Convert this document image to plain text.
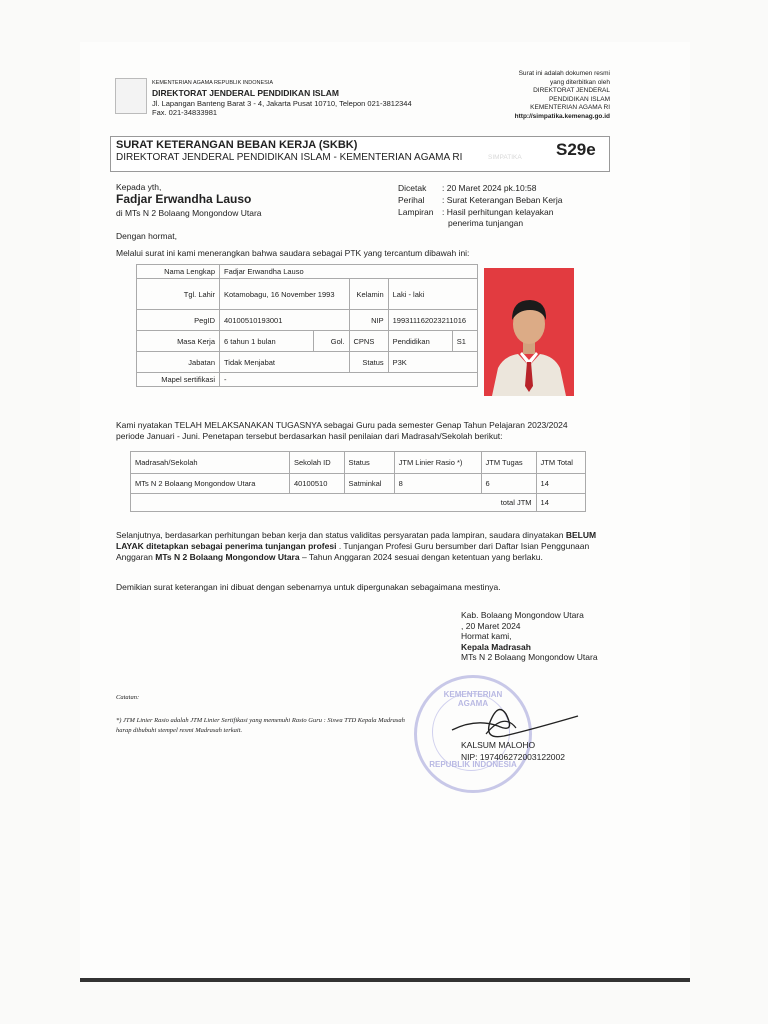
KEMENTERIAN AGAMA REPUBLIK INDONESIA
DIREKTORAT JENDERAL PENDIDIKAN ISLAM
Jl. Lapangan Banteng Barat 3 - 4, Jakarta Pusat 10710, Telepon 021-3812344
Fax. 021-34833981
Surat ini adalah dokumen resmi
yang diterbitkan oleh
DIREKTORAT JENDERAL
PENDIDIKAN ISLAM
KEMENTERIAN AGAMA RI
http://simpatika.kemenag.go.id
SURAT KETERANGAN BEBAN KERJA (SKBK)
DIREKTORAT JENDERAL PENDIDIKAN ISLAM - KEMENTERIAN AGAMA RI	SIMPATIKA S29e
Kepada yth,
Fadjar Erwandha Lauso
di MTs N 2 Bolaang Mongondow Utara
Dicetak : 20 Maret 2024 pk.10:58
Perihal : Surat Keterangan Beban Kerja
Lampiran : Hasil perhitungan kelayakan
penerima tunjangan
Dengan hormat,
Melalui surat ini kami menerangkan bahwa saudara sebagai PTK yang tercantum dibawah ini:
Nama Lengkap	Fadjar Erwandha Lauso				
Tgl. Lahir	Kotamobagu, 16 November 1993		Kelamin	Laki - laki	
PegID	40100510193001		NIP	199311162023211016	
Masa Kerja	6 tahun 1 bulan	Gol.	CPNS	Pendidikan	S1
Jabatan	Tidak Menjabat		Status	P3K	
Mapel sertifikasi	-				
Kami nyatakan TELAH MELAKSANAKAN TUGASNYA sebagai Guru pada semester Genap Tahun Pelajaran 2023/2024 periode Januari - Juni. Penetapan tersebut berdasarkan hasil penilaian dari Madrasah/Sekolah berikut:
Madrasah/Sekolah	Sekolah ID	Status	JTM Linier Rasio *)	JTM Tugas	JTM Total
MTs N 2 Bolaang Mongondow Utara	40100510	Satminkal	8	6	14
total JTM					14
Selanjutnya, berdasarkan perhitungan beban kerja dan status validitas persyaratan pada lampiran, saudara dinyatakan BELUM LAYAK ditetapkan sebagai penerima tunjangan profesi . Tunjangan Profesi Guru bersumber dari Daftar Isian Penggunaan Anggaran MTs N 2 Bolaang Mongondow Utara – Tahun Anggaran 2024 sesuai dengan ketentuan yang berlaku.
Demikian surat keterangan ini dibuat dengan sebenarnya untuk dipergunakan sebagaimana mestinya.
KEMENTERIAN AGAMA
REPUBLIK INDONESIA
Kab. Bolaang Mongondow Utara
, 20 Maret 2024
Hormat kami,
Kepala Madrasah
MTs N 2 Bolaang Mongondow Utara
KALSUM MALOHO
NIP: 197406272003122002
Catatan:
*) JTM Linier Rasio adalah JTM Linier Sertifikasi yang memenuhi Rasio Guru : Siswa TTD Kepala Madrasah harap dibubuhi stempel resmi Madrasah terkait.
